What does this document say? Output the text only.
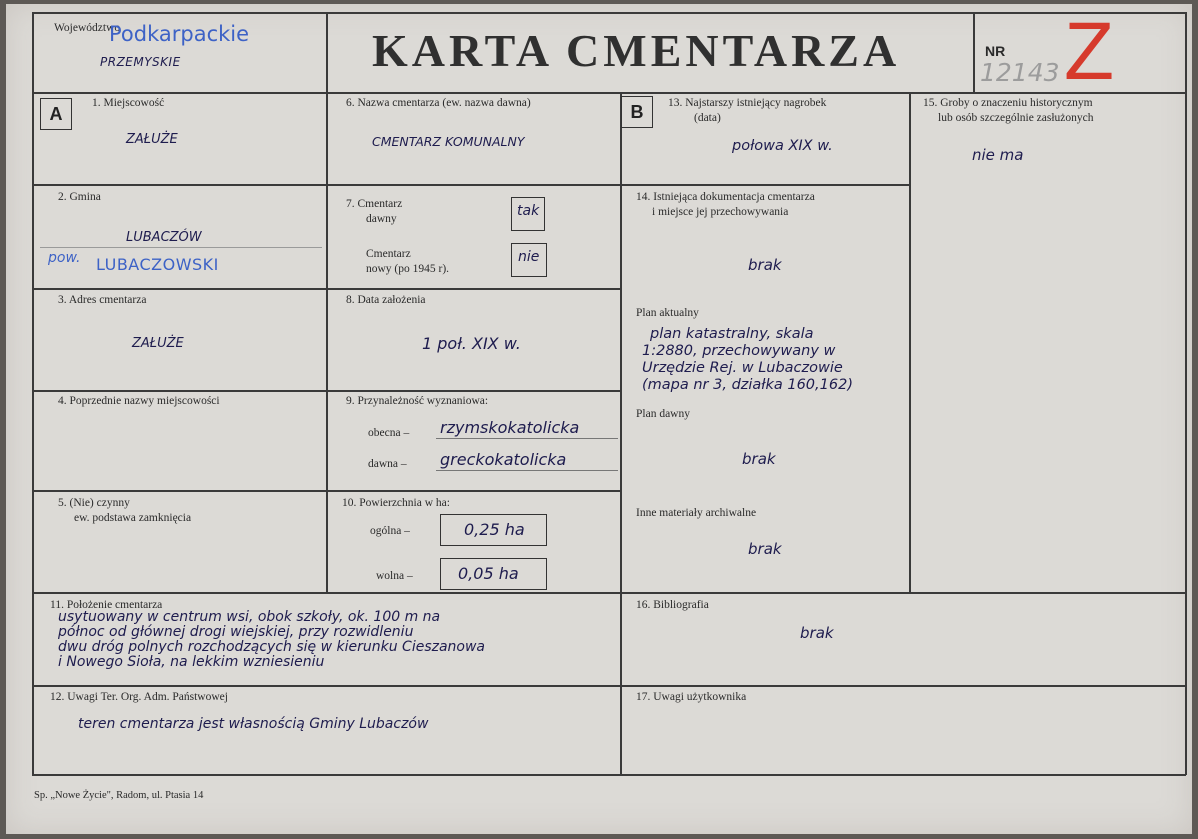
Województwo
Podkarpackie
PRZEMYSKIE	KARTA CMENTARZA	NR
12143 Z
A	B
1. Miejscowość
ZAŁUŻE
2. Gmina
LUBACZÓW
pow. LUBACZOWSKI
3. Adres cmentarza
ZAŁUŻE
4. Poprzednie nazwy miejscowości
5. (Nie) czynny
ew. podstawa zamknięcia
6. Nazwa cmentarza (ew. nazwa dawna)
CMENTARZ KOMUNALNY
7. Cmentarz
dawny	tak
Cmentarz
nowy (po 1945 r).
nie
8. Data założenia
1 poł. XIX w.
9. Przynależność wyznaniowa:
obecna – rzymskokatolicka
dawna – greckokatolicka
10. Powierzchnia w ha:
ogólna –	0,25 ha
wolna –	0,05 ha
13. Najstarszy istniejący nagrobek
(data)
połowa XIX w.
14. Istniejąca dokumentacja cmentarza
i miejsce jej przechowywania
brak
Plan aktualny
plan katastralny, skala
1:2880, przechowywany w
Urzędzie Rej. w Lubaczowie
(mapa nr 3, działka 160,162)
Plan dawny
brak
Inne materiały archiwalne
brak
15. Groby o znaczeniu historycznym
lub osób szczególnie zasłużonych
nie ma
11. Położenie cmentarza
usytuowany w centrum wsi, obok szkoły, ok. 100 m na
północ od głównej drogi wiejskiej, przy rozwidleniu
dwu dróg polnych rozchodzących się w kierunku Cieszanowa
i Nowego Sioła, na lekkim wzniesieniu
16. Bibliografia
brak
12. Uwagi Ter. Org. Adm. Państwowej
teren cmentarza jest własnością Gminy Lubaczów
17. Uwagi użytkownika
Sp. „Nowe Życie", Radom, ul. Ptasia 14
